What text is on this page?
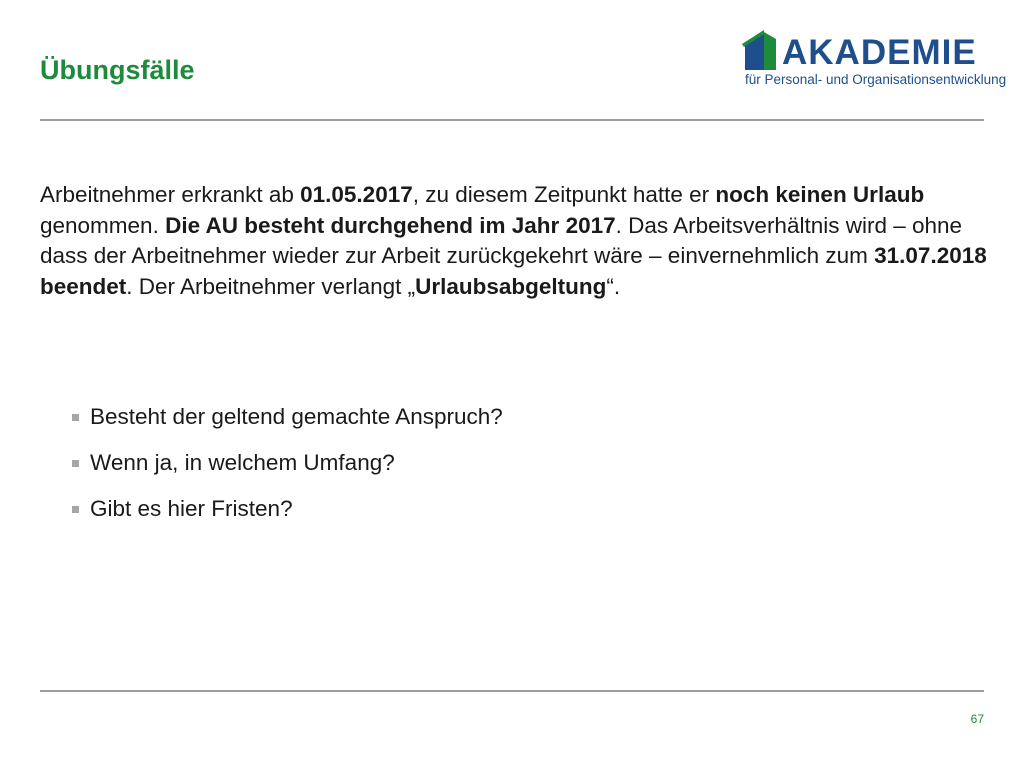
Übungsfälle	AKADEMIE
für Personal- und Organisationsentwicklung

Arbeitnehmer erkrankt ab 01.05.2017, zu diesem Zeitpunkt hatte er noch keinen Urlaub genommen. Die AU besteht durchgehend im Jahr 2017. Das Arbeitsverhältnis wird – ohne dass der Arbeitnehmer wieder zur Arbeit zurückgekehrt wäre – einvernehmlich zum 31.07.2018 beendet. Der Arbeitnehmer verlangt „Urlaubsabgeltung“.

Besteht der geltend gemachte Anspruch?
Wenn ja, in welchem Umfang?
Gibt es hier Fristen?
67
